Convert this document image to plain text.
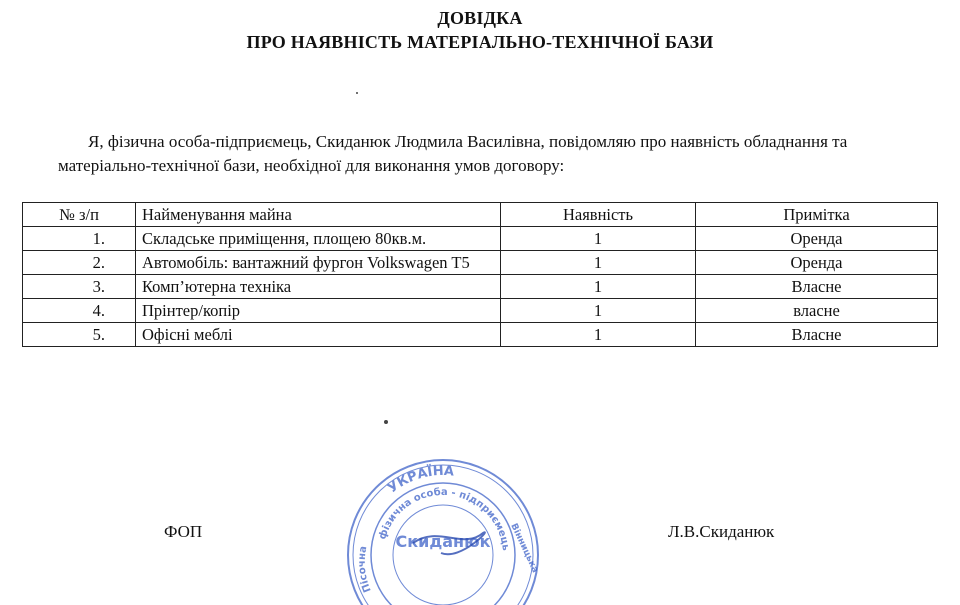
ДОВІДКА
ПРО НАЯВНІСТЬ МАТЕРІАЛЬНО-ТЕХНІЧНОЇ БАЗИ
Я, фізична особа-підприємець, Скиданюк Людмила Василівна, повідомляю про наявність обладнання та матеріально-технічної бази, необхідної для виконання умов договору:
№ з/п	Найменування майна	Наявність	Примітка
1.	Складське приміщення, площею 80кв.м.	1	Оренда
2.	Автомобіль: вантажний фургон Volkswagen T5	1	Оренда
3.	Комп’ютерна техніка	1	Власне
4.	Прінтер/копір	1	власне
5.	Офісні меблі	1	Власне
УКРАЇНА
фізична особа - підприємець
Пісочна Скиданюк Вінницька
ФОП	Л.В.Скиданюк
